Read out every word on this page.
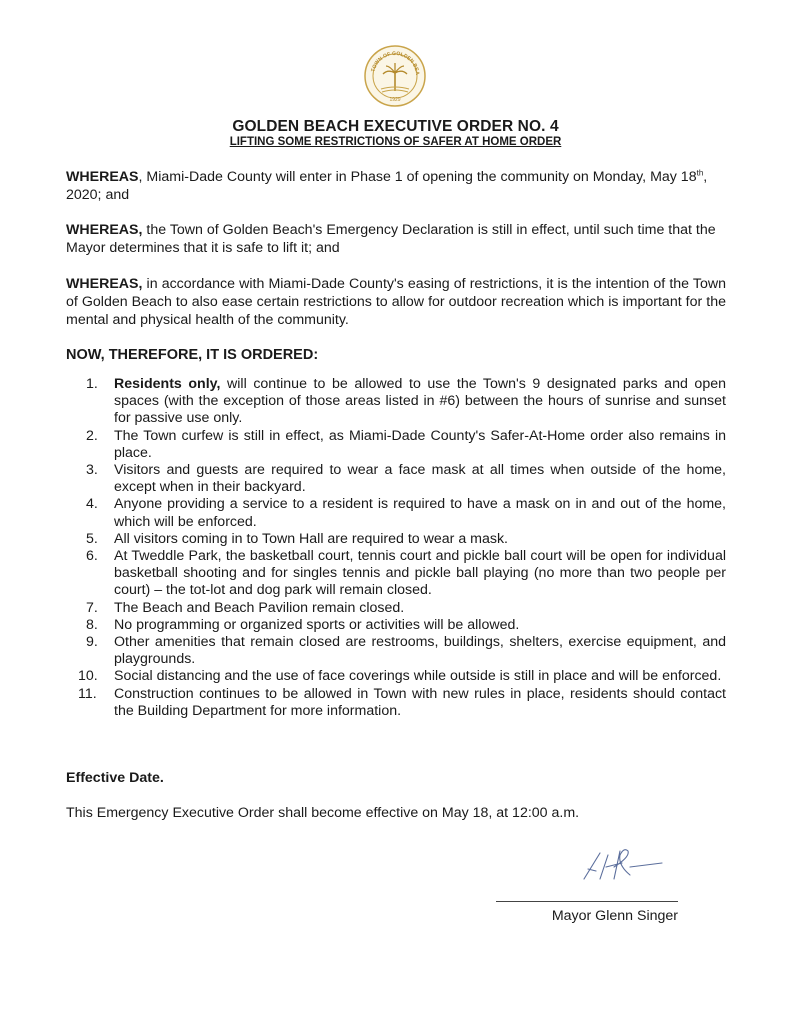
TOWN OF GOLDEN BEA
1929
GOLDEN BEACH EXECUTIVE ORDER NO. 4
LIFTING SOME RESTRICTIONS OF SAFER AT HOME ORDER
WHEREAS, Miami-Dade County will enter in Phase 1 of opening the community on Monday, May 18th, 2020; and
WHEREAS, the Town of Golden Beach's Emergency Declaration is still in effect, until such time that the Mayor determines that it is safe to lift it; and
WHEREAS, in accordance with Miami-Dade County's easing of restrictions, it is the intention of the Town of Golden Beach to also ease certain restrictions to allow for outdoor recreation which is important for the mental and physical health of the community.
NOW, THEREFORE, IT IS ORDERED:
1. Residents only, will continue to be allowed to use the Town's 9 designated parks and open spaces (with the exception of those areas listed in #6) between the hours of sunrise and sunset for passive use only.
2. The Town curfew is still in effect, as Miami-Dade County's Safer-At-Home order also remains in place.
3. Visitors and guests are required to wear a face mask at all times when outside of the home, except when in their backyard.
4. Anyone providing a service to a resident is required to have a mask on in and out of the home, which will be enforced.
5. All visitors coming in to Town Hall are required to wear a mask.
6. At Tweddle Park, the basketball court, tennis court and pickle ball court will be open for individual basketball shooting and for singles tennis and pickle ball playing (no more than two people per court) – the tot-lot and dog park will remain closed.
7. The Beach and Beach Pavilion remain closed.
8. No programming or organized sports or activities will be allowed.
9. Other amenities that remain closed are restrooms, buildings, shelters, exercise equipment, and playgrounds.
10. Social distancing and the use of face coverings while outside is still in place and will be enforced.
11. Construction continues to be allowed in Town with new rules in place, residents should contact the Building Department for more information.
Effective Date.
This Emergency Executive Order shall become effective on May 18, at 12:00 a.m.
Mayor Glenn Singer
